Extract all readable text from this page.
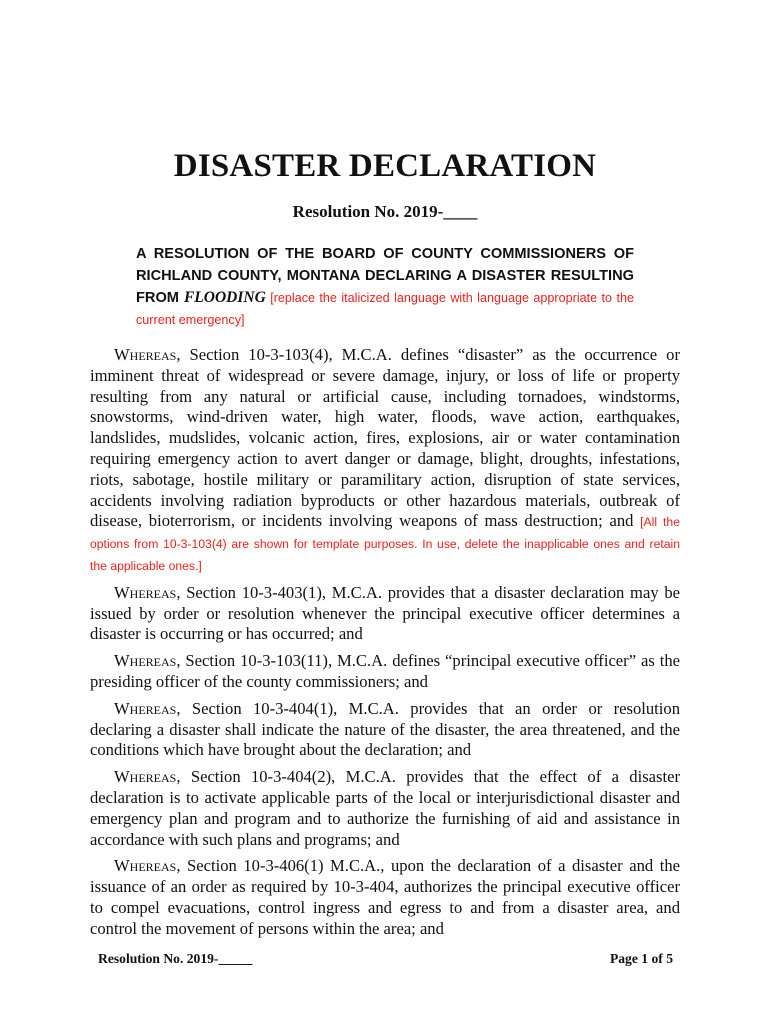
DISASTER DECLARATION
Resolution No. 2019-____
A RESOLUTION OF THE BOARD OF COUNTY COMMISSIONERS OF RICHLAND COUNTY, MONTANA DECLARING A DISASTER RESULTING FROM FLOODING [replace the italicized language with language appropriate to the current emergency]

Whereas, Section 10-3-103(4), M.C.A. defines “disaster” as the occurrence or imminent threat of widespread or severe damage, injury, or loss of life or property resulting from any natural or artificial cause, including tornadoes, windstorms, snowstorms, wind-driven water, high water, floods, wave action, earthquakes, landslides, mudslides, volcanic action, fires, explosions, air or water contamination requiring emergency action to avert danger or damage, blight, droughts, infestations, riots, sabotage, hostile military or paramilitary action, disruption of state services, accidents involving radiation byproducts or other hazardous materials, outbreak of disease, bioterrorism, or incidents involving weapons of mass destruction; and [All the options from 10-3-103(4) are shown for template purposes. In use, delete the inapplicable ones and retain the applicable ones.]

Whereas, Section 10-3-403(1), M.C.A. provides that a disaster declaration may be issued by order or resolution whenever the principal executive officer determines a disaster is occurring or has occurred; and

Whereas, Section 10-3-103(11), M.C.A. defines “principal executive officer” as the presiding officer of the county commissioners; and

Whereas, Section 10-3-404(1), M.C.A. provides that an order or resolution declaring a disaster shall indicate the nature of the disaster, the area threatened, and the conditions which have brought about the declaration; and

Whereas, Section 10-3-404(2), M.C.A. provides that the effect of a disaster declaration is to activate applicable parts of the local or interjurisdictional disaster and emergency plan and program and to authorize the furnishing of aid and assistance in accordance with such plans and programs; and

Whereas, Section 10-3-406(1) M.C.A., upon the declaration of a disaster and the issuance of an order as required by 10-3-404, authorizes the principal executive officer to compel evacuations, control ingress and egress to and from a disaster area, and control the movement of persons within the area; and

Resolution No. 2019-_____	Page 1 of 5
